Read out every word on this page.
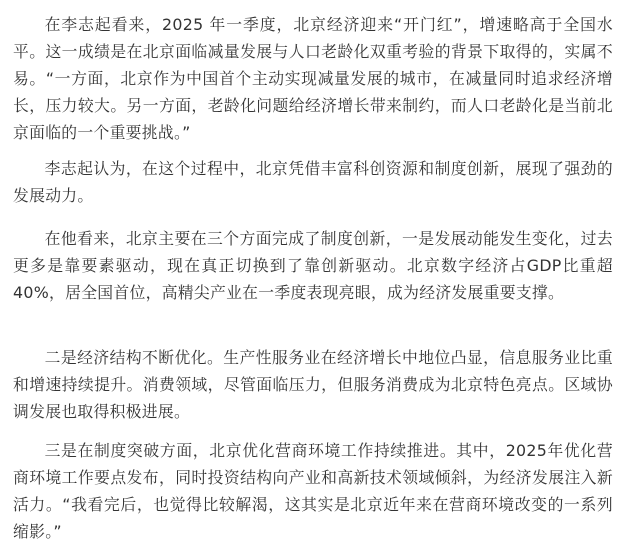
在李志起看来，2025 年一季度，北京经济迎来“开门红”，增速略高于全国水平。这一成绩是在北京面临减量发展与人口老龄化双重考验的背景下取得的，实属不易。“一方面，北京作为中国首个主动实现减量发展的城市，在减量同时追求经济增长，压力较大。另一方面，老龄化问题给经济增长带来制约，而人口老龄化是当前北京面临的一个重要挑战。”

李志起认为，在这个过程中，北京凭借丰富科创资源和制度创新，展现了强劲的发展动力。

在他看来，北京主要在三个方面完成了制度创新，一是发展动能发生变化，过去更多是靠要素驱动，现在真正切换到了靠创新驱动。北京数字经济占GDP比重超 40%，居全国首位，高精尖产业在一季度表现亮眼，成为经济发展重要支撑。

二是经济结构不断优化。生产性服务业在经济增长中地位凸显，信息服务业比重和增速持续提升。消费领域，尽管面临压力，但服务消费成为北京特色亮点。区域协调发展也取得积极进展。

三是在制度突破方面，北京优化营商环境工作持续推进。其中，2025年优化营商环境工作要点发布，同时投资结构向产业和高新技术领域倾斜，为经济发展注入新活力。“我看完后，也觉得比较解渴，这其实是北京近年来在营商环境改变的一系列缩影。”
